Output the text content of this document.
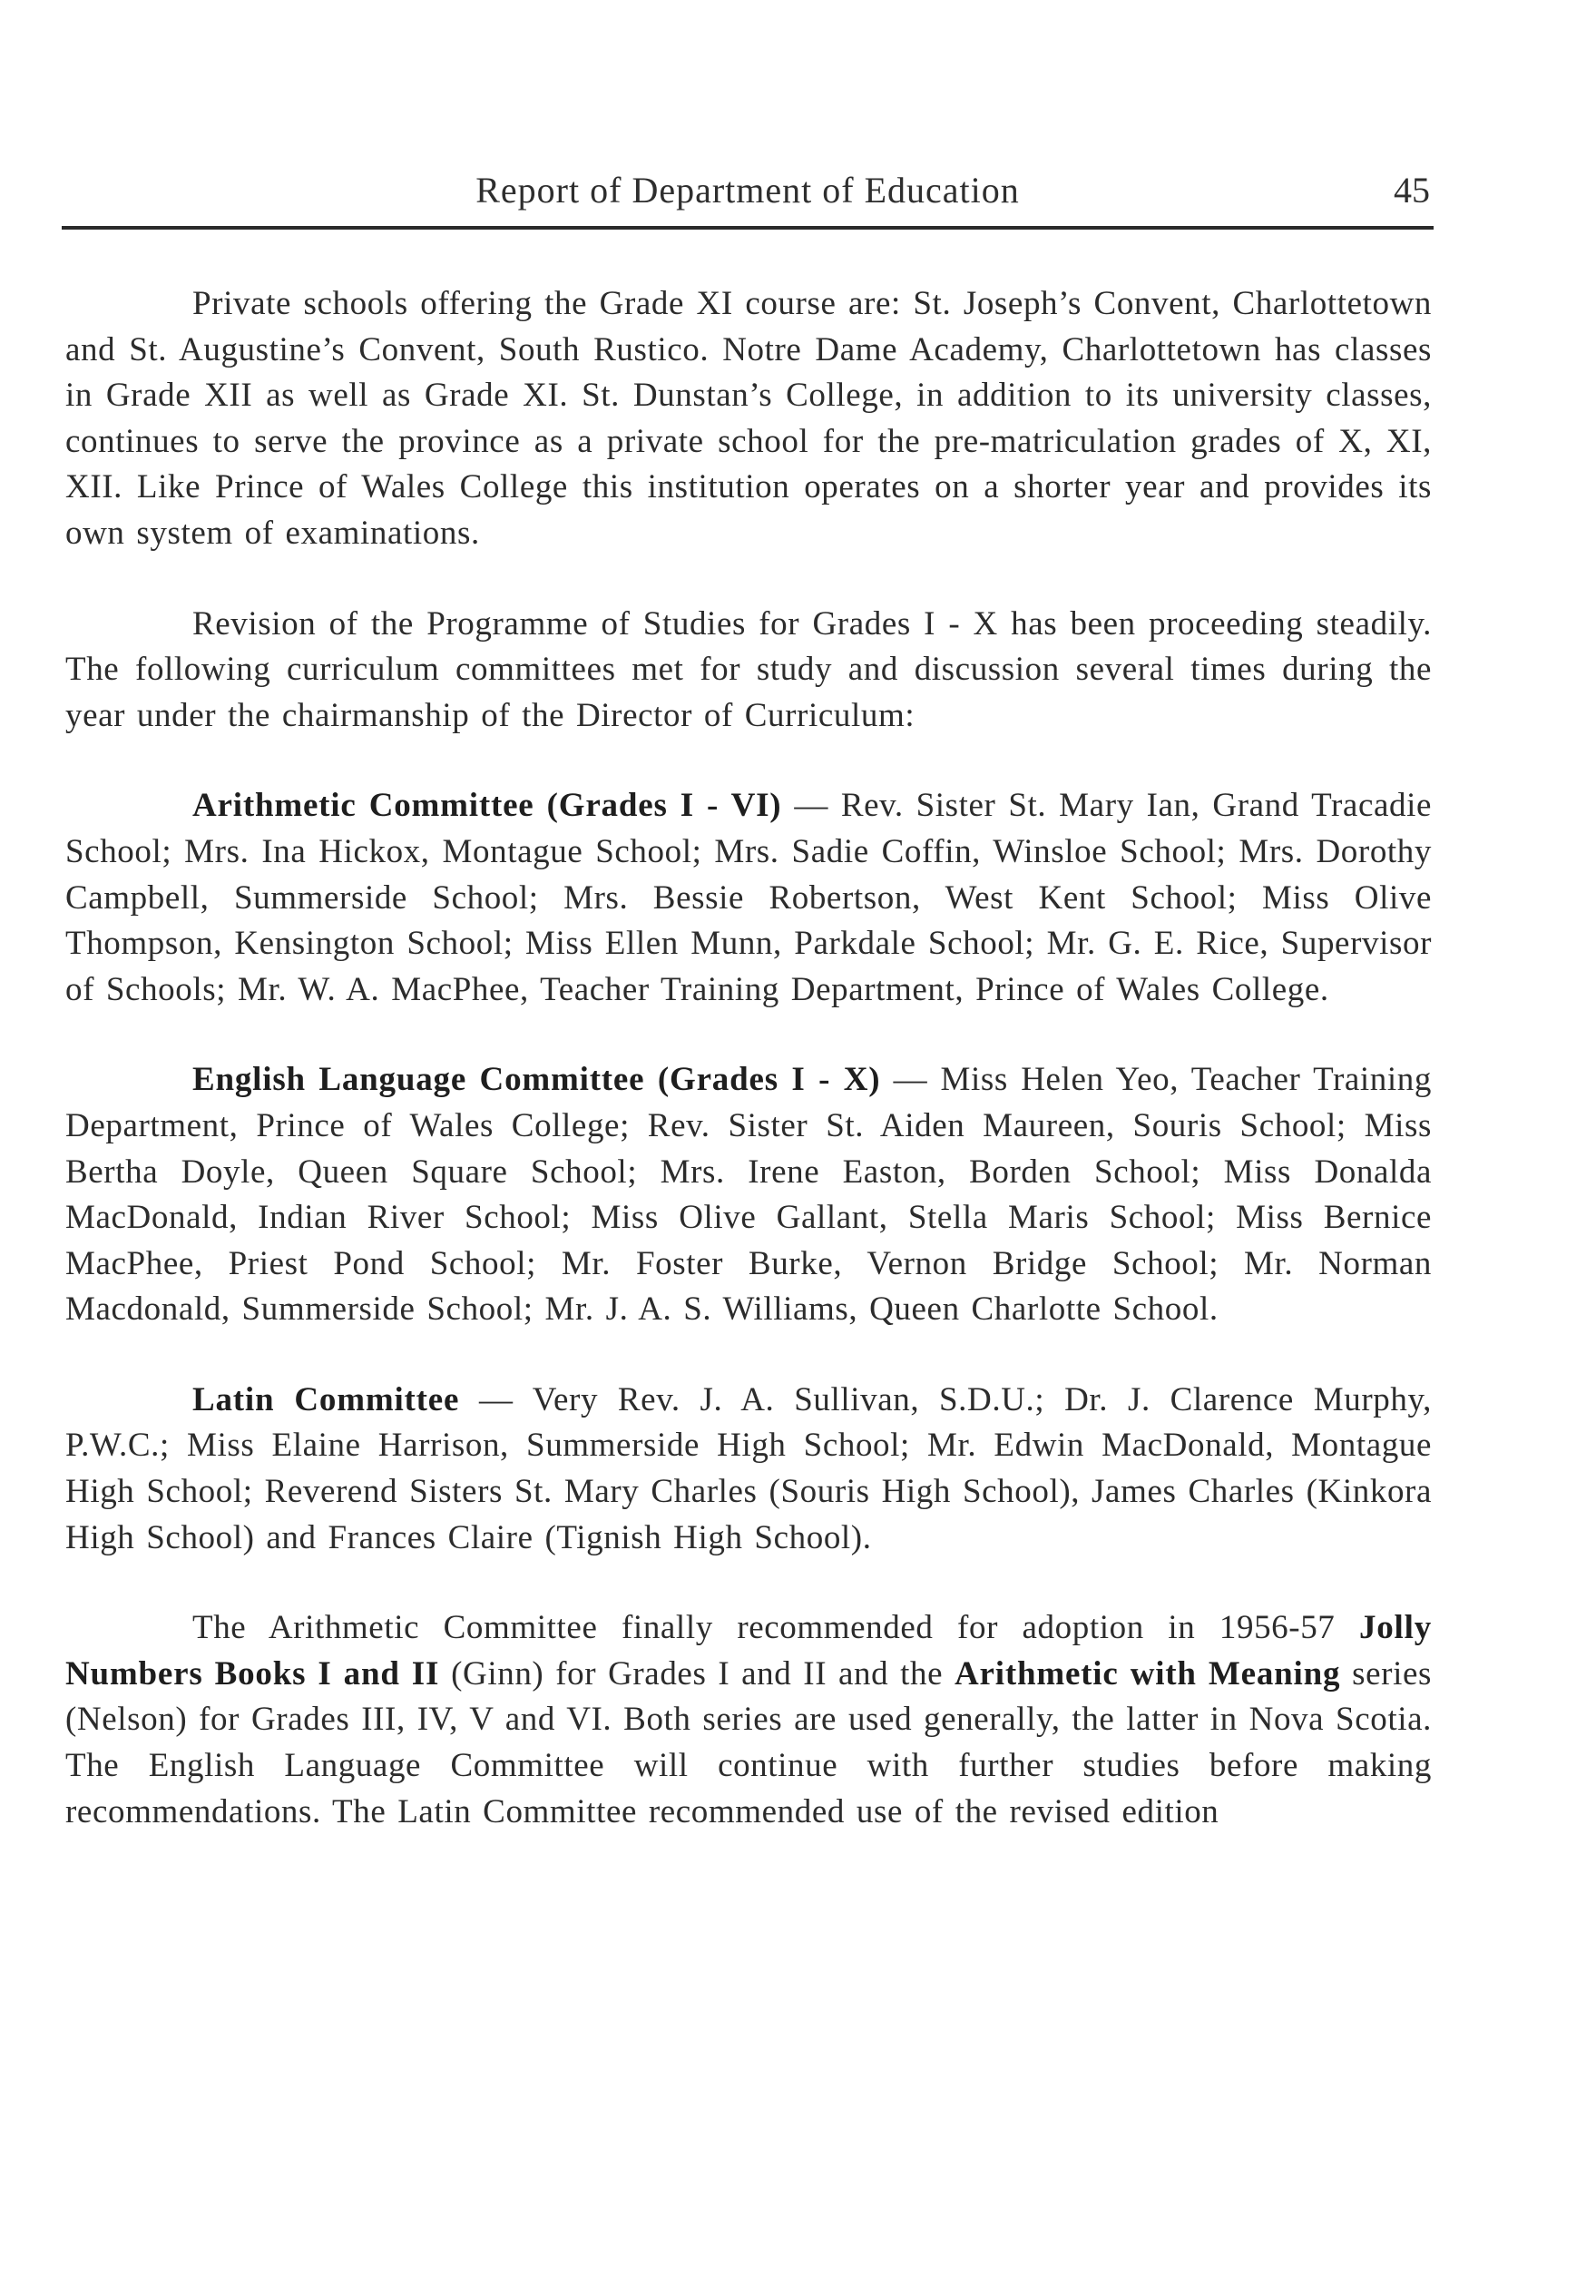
Report of Department of Education	45

Private schools offering the Grade XI course are: St. Joseph’s Convent, Charlottetown and St. Augustine’s Convent, South Rustico. Notre Dame Academy, Charlottetown has classes in Grade XII as well as Grade XI. St. Dunstan’s College, in addition to its university classes, continues to serve the province as a private school for the pre-matriculation grades of X, XI, XII. Like Prince of Wales College this institution operates on a shorter year and provides its own system of examinations.

Revision of the Programme of Studies for Grades I - X has been proceeding steadily. The following curriculum committees met for study and discussion several times during the year under the chairmanship of the Director of Curriculum:

Arithmetic Committee (Grades I - VI) — Rev. Sister St. Mary Ian, Grand Tracadie School; Mrs. Ina Hickox, Montague School; Mrs. Sadie Coffin, Winsloe School; Mrs. Dorothy Campbell, Summerside School; Mrs. Bessie Robertson, West Kent School; Miss Olive Thompson, Kensington School; Miss Ellen Munn, Parkdale School; Mr. G. E. Rice, Supervisor of Schools; Mr. W. A. MacPhee, Teacher Training Department, Prince of Wales College.

English Language Committee (Grades I - X) — Miss Helen Yeo, Teacher Training Department, Prince of Wales College; Rev. Sister St. Aiden Maureen, Souris School; Miss Bertha Doyle, Queen Square School; Mrs. Irene Easton, Borden School; Miss Donalda MacDonald, Indian River School; Miss Olive Gallant, Stella Maris School; Miss Bernice MacPhee, Priest Pond School; Mr. Foster Burke, Vernon Bridge School; Mr. Norman Macdonald, Summerside School; Mr. J. A. S. Williams, Queen Charlotte School.

Latin Committee — Very Rev. J. A. Sullivan, S.D.U.; Dr. J. Clarence Murphy, P.W.C.; Miss Elaine Harrison, Summerside High School; Mr. Edwin MacDonald, Montague High School; Reverend Sisters St. Mary Charles (Souris High School), James Charles (Kinkora High School) and Frances Claire (Tignish High School).

The Arithmetic Committee finally recommended for adoption in 1956-57 Jolly Numbers Books I and II (Ginn) for Grades I and II and the Arithmetic with Meaning series (Nelson) for Grades III, IV, V and VI. Both series are used generally, the latter in Nova Scotia. The English Language Committee will continue with further studies before making recommendations. The Latin Committee recommended use of the revised edition
